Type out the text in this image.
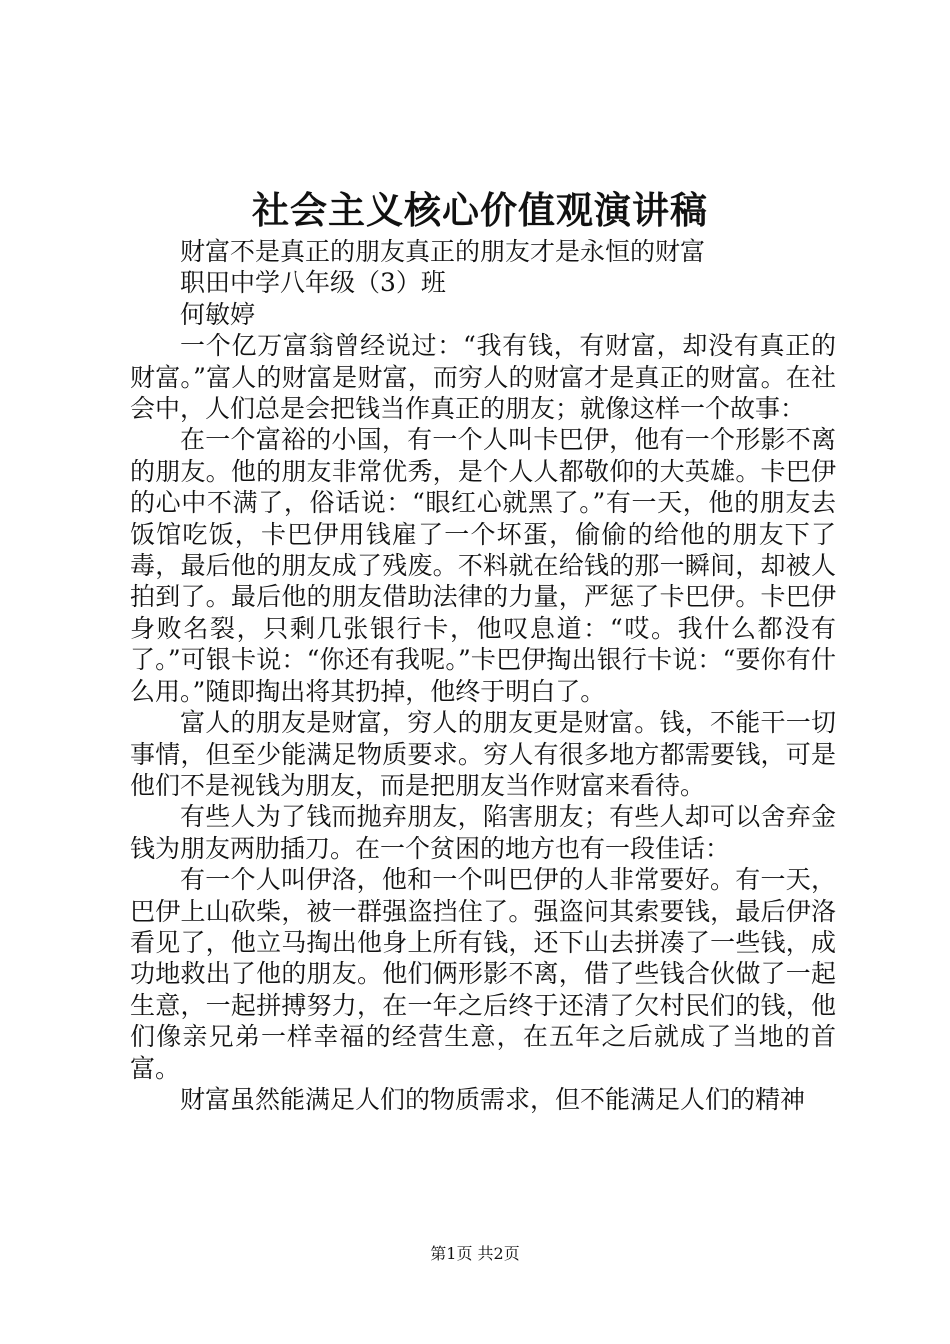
社会主义核心价值观演讲稿

财富不是真正的朋友真正的朋友才是永恒的财富

职田中学八年级（3）班

何敏婷

一个亿万富翁曾经说过：“我有钱，有财富，却没有真正的财富。”富人的财富是财富，而穷人的财富才是真正的财富。在社会中，人们总是会把钱当作真正的朋友；就像这样一个故事：

在一个富裕的小国，有一个人叫卡巴伊，他有一个形影不离的朋友。他的朋友非常优秀，是个人人都敬仰的大英雄。卡巴伊的心中不满了，俗话说：“眼红心就黑了。”有一天，他的朋友去饭馆吃饭，卡巴伊用钱雇了一个坏蛋，偷偷的给他的朋友下了毒，最后他的朋友成了残废。不料就在给钱的那一瞬间，却被人拍到了。最后他的朋友借助法律的力量，严惩了卡巴伊。卡巴伊身败名裂，只剩几张银行卡，他叹息道：“哎。我什么都没有了。”可银卡说：“你还有我呢。”卡巴伊掏出银行卡说：“要你有什么用。”随即掏出将其扔掉，他终于明白了。

富人的朋友是财富，穷人的朋友更是财富。钱，不能干一切事情，但至少能满足物质要求。穷人有很多地方都需要钱，可是他们不是视钱为朋友，而是把朋友当作财富来看待。

有些人为了钱而抛弃朋友，陷害朋友；有些人却可以舍弃金钱为朋友两肋插刀。在一个贫困的地方也有一段佳话：

有一个人叫伊洛，他和一个叫巴伊的人非常要好。有一天，巴伊上山砍柴，被一群强盗挡住了。强盗问其索要钱，最后伊洛看见了，他立马掏出他身上所有钱，还下山去拼凑了一些钱，成功地救出了他的朋友。他们俩形影不离，借了些钱合伙做了一起生意，一起拼搏努力，在一年之后终于还清了欠村民们的钱，他们像亲兄弟一样幸福的经营生意，在五年之后就成了当地的首富。

财富虽然能满足人们的物质需求，但不能满足人们的精神

第1页 共2页
